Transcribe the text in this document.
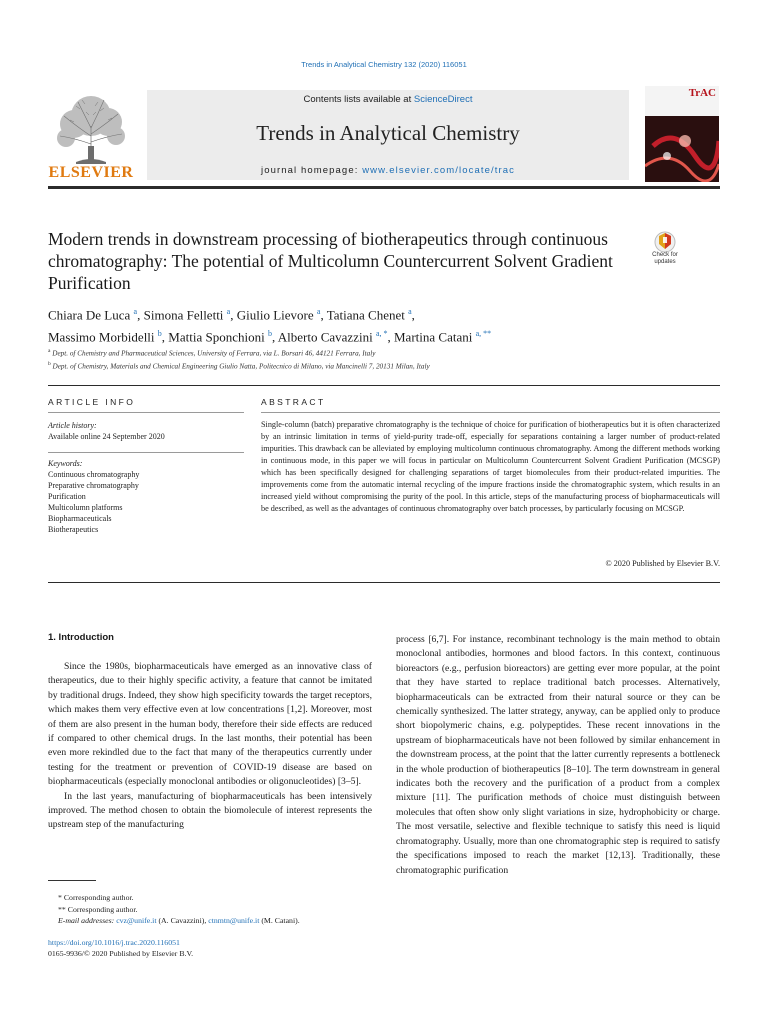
Trends in Analytical Chemistry 132 (2020) 116051
Contents lists available at ScienceDirect
Trends in Analytical Chemistry
journal homepage: www.elsevier.com/locate/trac
ELSEVIER
TrAC
Modern trends in downstream processing of biotherapeutics through continuous chromatography: The potential of Multicolumn Countercurrent Solvent Gradient Purification
Check for updates
Chiara De Luca $^a$, Simona Felletti $^a$, Giulio Lievore $^a$, Tatiana Chenet $^a$,
Massimo Morbidelli $^b$, Mattia Sponchioni $^b$, Alberto Cavazzini $^{a, *}$, Martina Catani $^{a, **}$
$^a$ Dept. of Chemistry and Pharmaceutical Sciences, University of Ferrara, via L. Borsari 46, 44121 Ferrara, Italy
$^b$ Dept. of Chemistry, Materials and Chemical Engineering Giulio Natta, Politecnico di Milano, via Mancinelli 7, 20131 Milan, Italy
ARTICLE INFO
Article history:
Available online 24 September 2020
Keywords:
Continuous chromatography
Preparative chromatography
Purification
Multicolumn platforms
Biopharmaceuticals
Biotherapeutics
ABSTRACT
Single-column (batch) preparative chromatography is the technique of choice for purification of biotherapeutics but it is often characterized by an intrinsic limitation in terms of yield-purity trade-off, especially for separations containing a larger number of product-related impurities. This drawback can be alleviated by employing multicolumn continuous chromatography. Among the different methods working in continuous mode, in this paper we will focus in particular on Multicolumn Countercurrent Solvent Gradient Purification (MCSGP) which has been specifically designed for challenging separations of target biomolecules from their product-related impurities. The improvements come from the automatic internal recycling of the impure fractions inside the chromatographic system, which results in an increased yield without compromising the purity of the pool. In this article, steps of the manufacturing process of biopharmaceuticals will be described, as well as the advantages of continuous chromatography over batch processes, by particularly focusing on MCSGP.
© 2020 Published by Elsevier B.V.
1. Introduction

Since the 1980s, biopharmaceuticals have emerged as an innovative class of therapeutics, due to their highly specific activity, a feature that cannot be imitated by traditional drugs. Indeed, they show high specificity towards the target receptors, which makes them very effective even at low concentrations [1,2]. Moreover, most of them are also present in the human body, therefore their side effects are reduced if compared to other chemical drugs. In the last months, their potential has been even more rekindled due to the fact that many of the therapeutics currently under testing for the treatment or prevention of COVID-19 disease are based on biopharmaceuticals (especially monoclonal antibodies or oligonucleotides) [3–5].

In the last years, manufacturing of biopharmaceuticals has been intensively improved. The method chosen to obtain the biomolecule of interest represents the upstream step of the manufacturing

process [6,7]. For instance, recombinant technology is the main method to obtain monoclonal antibodies, hormones and blood factors. In this context, continuous bioreactors (e.g., perfusion bioreactors) are getting ever more popular, at the point that they have started to replace traditional batch processes. Alternatively, biopharmaceuticals can be extracted from their natural source or they can be chemically synthesized. The latter strategy, anyway, can be applied only to produce short biopolymeric chains, e.g. polypeptides. These recent innovations in the upstream of biopharmaceuticals have not been followed by similar enhancement in the downstream process, at the point that the latter currently represents a bottleneck in the whole production of biotherapeutics [8–10]. The term downstream in general indicates both the recovery and the purification of a product from a complex mixture [11]. The purification methods of choice must distinguish between molecules that often show only slight variations in size, hydrophobicity or charge. The most versatile, selective and flexible technique to satisfy this need is liquid chromatography. Usually, more than one chromatographic step is required to satisfy the specifications imposed to reach the market [12,13]. Traditionally, these chromatographic purification

* Corresponding author.
** Corresponding author.
E-mail addresses: cvz@unife.it (A. Cavazzini), ctnmtn@unife.it (M. Catani).
https://doi.org/10.1016/j.trac.2020.116051
0165-9936/© 2020 Published by Elsevier B.V.
